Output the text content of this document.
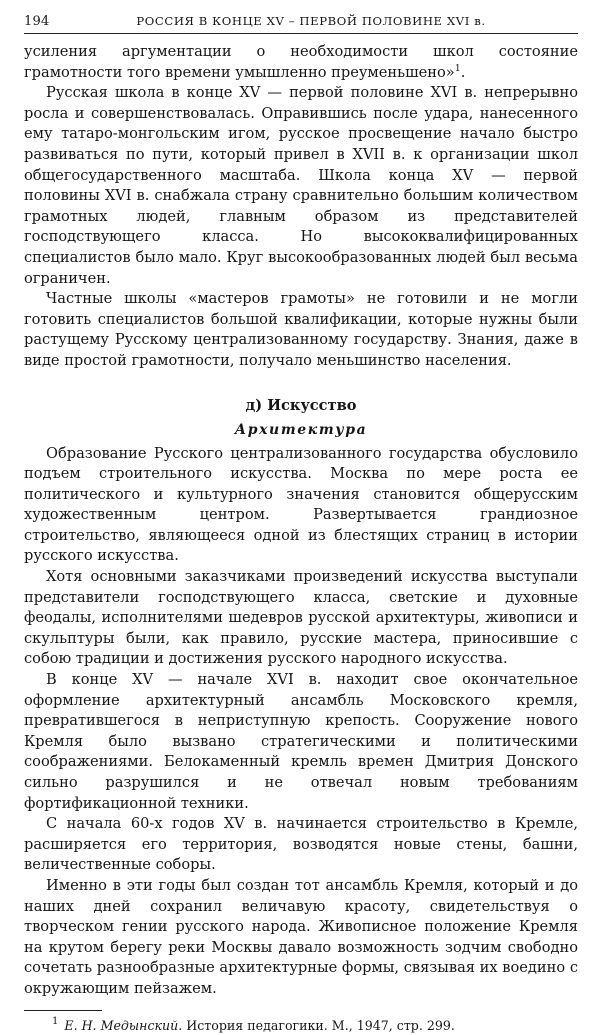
194	РОССИЯ В КОНЦЕ XV – ПЕРВОЙ ПОЛОВИНЕ XVI в.

усиления аргументации о необходимости школ состояние грамотности того времени умышленно преуменьшено»$^1$.

Русская школа в конце XV — первой половине XVI в. непрерывно росла и совершенствовалась. Оправившись после удара, нанесенного ему татаро-монгольским игом, русское просвещение начало быстро развиваться по пути, который привел в XVII в. к организации школ общегосударственного масштаба. Школа конца XV — первой половины XVI в. снабжала страну сравнительно большим количеством грамотных людей, главным образом из представителей господствующего класса. Но высококвалифицированных специалистов было мало. Круг высокообразованных людей был весьма ограничен.

Частные школы «мастеров грамоты» не готовили и не могли готовить специалистов большой квалификации, которые нужны были растущему Русскому централизованному государству. Знания, даже в виде простой грамотности, получало меньшинство населения.

д) Искусство
Архитектура

Образование Русского централизованного государства обусловило подъем строительного искусства. Москва по мере роста ее политического и культурного значения становится общерусским художественным центром. Развертывается грандиозное строительство, являющееся одной из блестящих страниц в истории русского искусства.

Хотя основными заказчиками произведений искусства выступали представители господствующего класса, светские и духовные феодалы, исполнителями шедевров русской архитектуры, живописи и скульптуры были, как правило, русские мастера, приносившие с собою традиции и достижения русского народного искусства.

В конце XV — начале XVI в. находит свое окончательное оформление архитектурный ансамбль Московского кремля, превратившегося в неприступную крепость. Сооружение нового Кремля было вызвано стратегическими и политическими соображениями. Белокаменный кремль времен Дмитрия Донского сильно разрушился и не отвечал новым требованиям фортификационной техники.

С начала 60-х годов XV в. начинается строительство в Кремле, расширяется его территория, возводятся новые стены, башни, величественные соборы.

Именно в эти годы был создан тот ансамбль Кремля, который и до наших дней сохранил величавую красоту, свидетельствуя о творческом гении русского народа. Живописное положение Кремля на крутом берегу реки Москвы давало возможность зодчим свободно сочетать разнообразные архитектурные формы, связывая их воедино с окружающим пейзажем.

$^1$ Е. Н. Медынский. История педагогики. М., 1947, стр. 299.
